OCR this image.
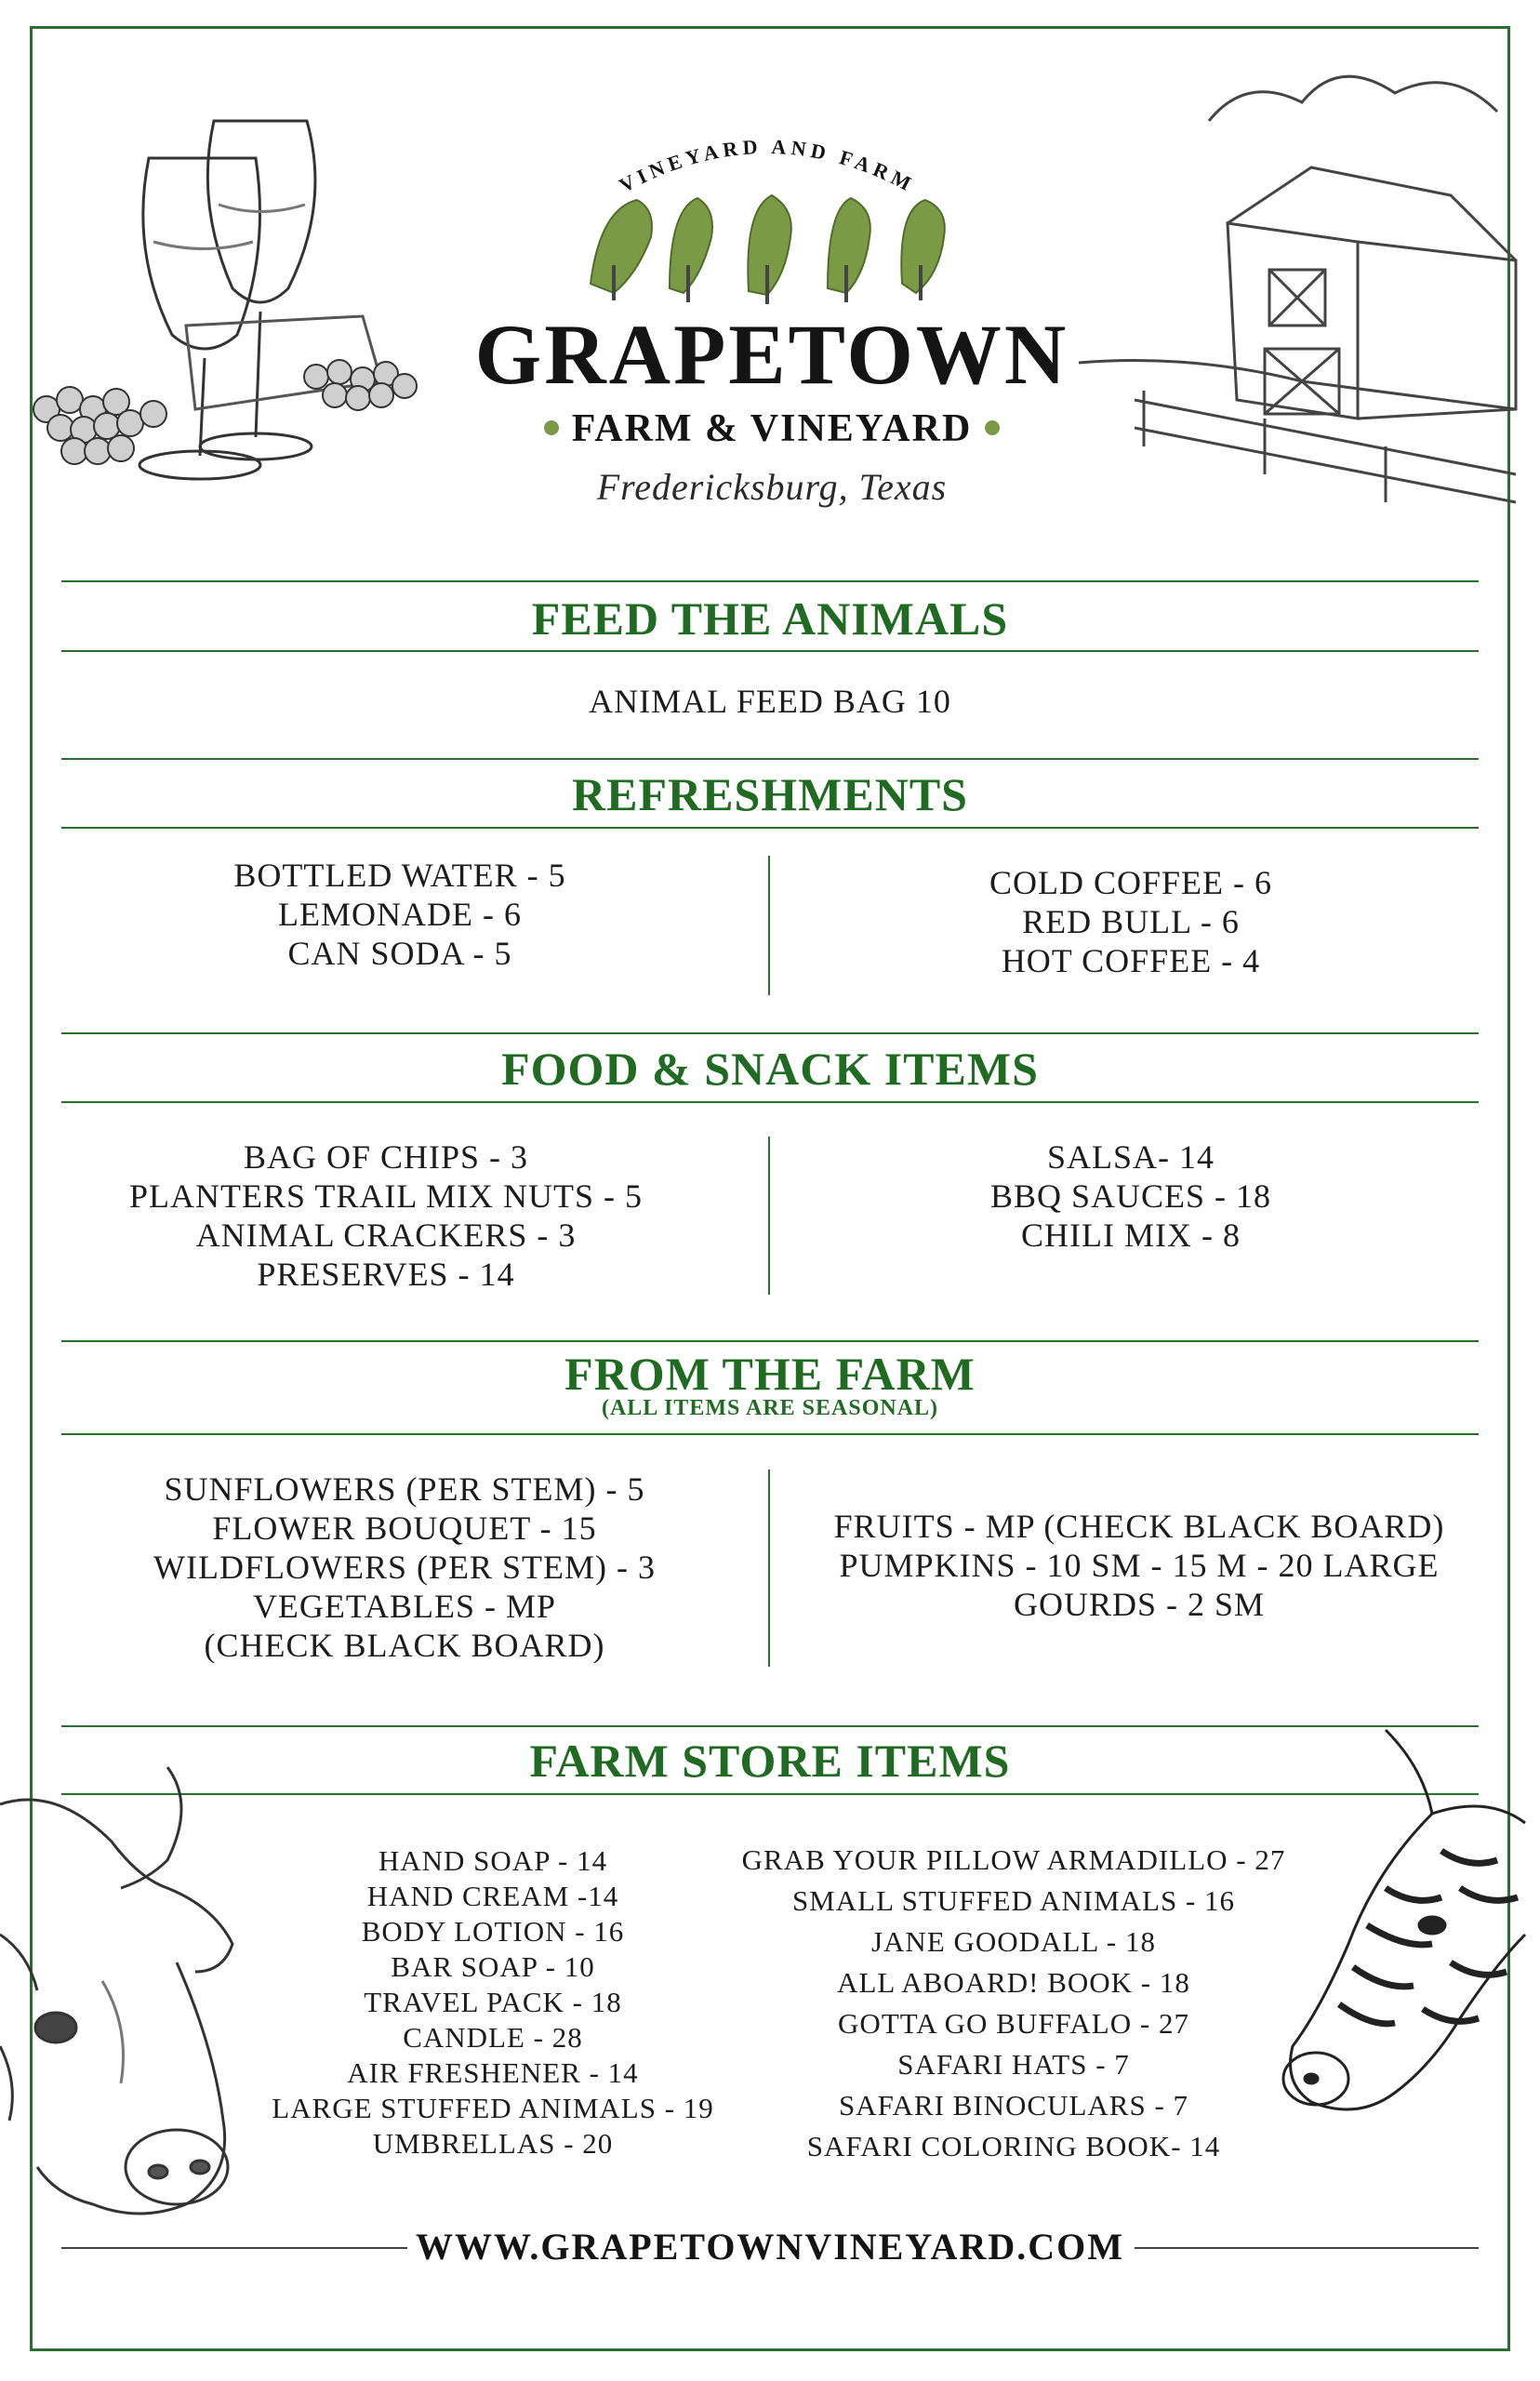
VINEYARD AND FARM
GRAPETOWN
FARM & VINEYARD
Fredericksburg, Texas
FEED THE ANIMALS
ANIMAL FEED BAG 10
REFRESHMENTS
BOTTLED WATER - 5
LEMONADE - 6
CAN SODA - 5
COLD COFFEE - 6
RED BULL - 6
HOT COFFEE - 4
FOOD & SNACK ITEMS
BAG OF CHIPS - 3
PLANTERS TRAIL MIX NUTS - 5
ANIMAL CRACKERS - 3
PRESERVES - 14
SALSA- 14
BBQ SAUCES - 18
CHILI MIX - 8
FROM THE FARM
(ALL ITEMS ARE SEASONAL)
SUNFLOWERS (PER STEM) - 5
FLOWER BOUQUET - 15
WILDFLOWERS (PER STEM) - 3
VEGETABLES - MP
(CHECK BLACK BOARD)
FRUITS - MP (CHECK BLACK BOARD)
PUMPKINS - 10 SM - 15 M - 20 LARGE
GOURDS - 2 SM
FARM STORE ITEMS
HAND SOAP - 14
HAND CREAM -14
BODY LOTION - 16
BAR SOAP - 10
TRAVEL PACK - 18
CANDLE - 28
AIR FRESHENER - 14
LARGE STUFFED ANIMALS - 19
UMBRELLAS - 20
GRAB YOUR PILLOW ARMADILLO - 27
SMALL STUFFED ANIMALS - 16
JANE GOODALL - 18
ALL ABOARD! BOOK - 18
GOTTA GO BUFFALO - 27
SAFARI HATS - 7
SAFARI BINOCULARS - 7
SAFARI COLORING BOOK- 14
WWW.GRAPETOWNVINEYARD.COM
